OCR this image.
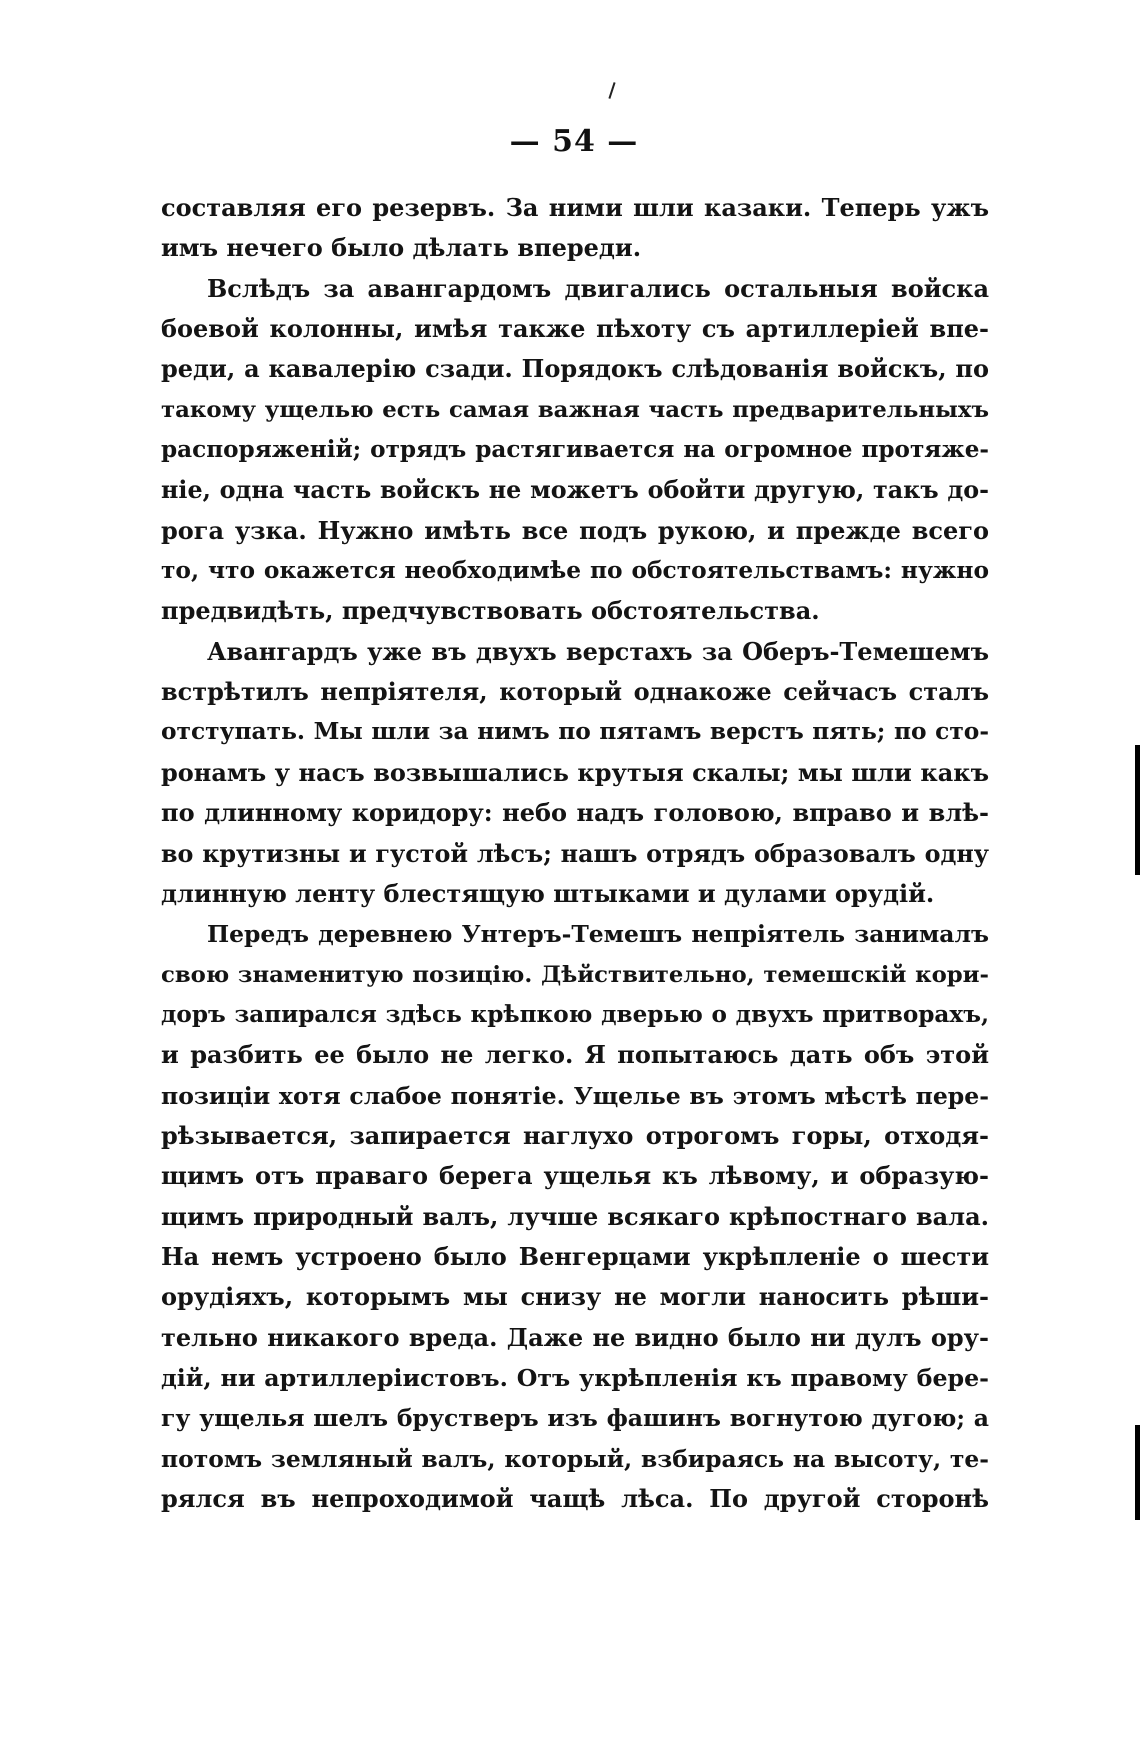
— 54 —
составляя его резервъ. За ними шли казаки. Теперь ужъ
имъ нечего было дѣлать впереди.
Вслѣдъ за авангардомъ двигались остальныя войска
боевой колонны, имѣя также пѣхоту съ артиллеріей впе-
реди, а кавалерію сзади. Порядокъ слѣдованія войскъ, по
такому ущелью есть самая важная часть предварительныхъ
распоряженій; отрядъ растягивается на огромное протяже-
ніе, одна часть войскъ не можетъ обойти другую, такъ до-
рога узка. Нужно имѣть все подъ рукою, и прежде всего
то, что окажется необходимѣе по обстоятельствамъ: нужно
предвидѣть, предчувствовать обстоятельства.
Авангардъ уже въ двухъ верстахъ за Оберъ-Темешемъ
встрѣтилъ непріятеля, который однакоже сейчасъ сталъ
отступать. Мы шли за нимъ по пятамъ верстъ пять; по сто-
ронамъ у насъ возвышались крутыя скалы; мы шли какъ
по длинному коридору: небо надъ головою, вправо и влѣ-
во крутизны и густой лѣсъ; нашъ отрядъ образовалъ одну
длинную ленту блестящую штыками и дулами орудій.
Передъ деревнею Унтеръ-Темешъ непріятель занималъ
свою знаменитую позицію. Дѣйствительно, темешскій кори-
доръ запирался здѣсь крѣпкою дверью о двухъ притворахъ,
и разбить ее было не легко. Я попытаюсь дать объ этой
позиціи хотя слабое понятіе. Ущелье въ этомъ мѣстѣ пере-
рѣзывается, запирается наглухо отрогомъ горы, отходя-
щимъ отъ праваго берега ущелья къ лѣвому, и образую-
щимъ природный валъ, лучше всякаго крѣпостнаго вала.
На немъ устроено было Венгерцами укрѣпленіе о шести
орудіяхъ, которымъ мы снизу не могли наносить рѣши-
тельно никакого вреда. Даже не видно было ни дулъ ору-
дій, ни артиллеріистовъ. Отъ укрѣпленія къ правому бере-
гу ущелья шелъ брустверъ изъ фашинъ вогнутою дугою; а
потомъ земляный валъ, который, взбираясь на высоту, те-
рялся въ непроходимой чащѣ лѣса. По другой сторонѣ
